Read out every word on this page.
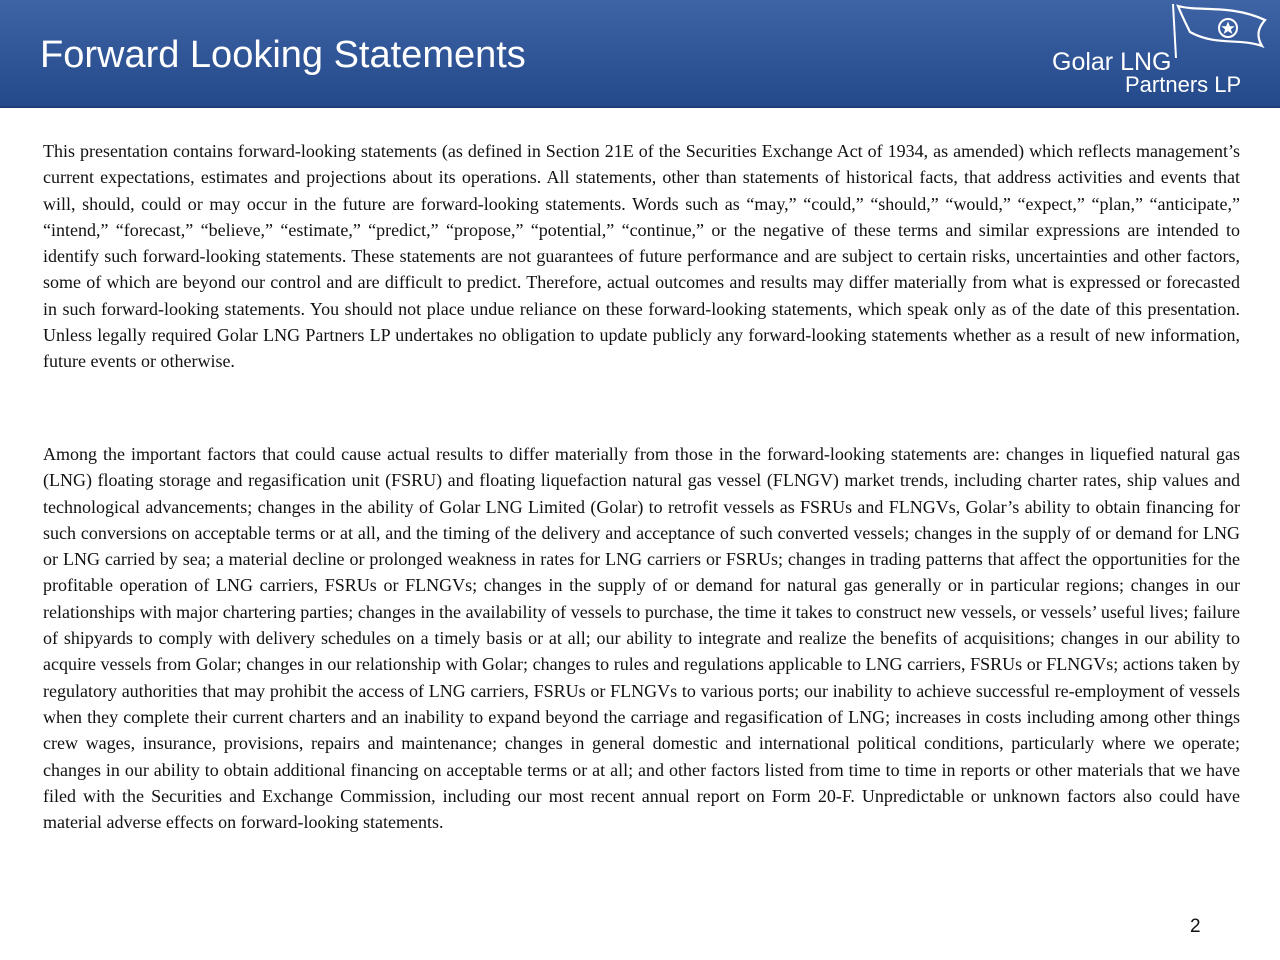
Forward Looking Statements	Golar LNG
Partners LP

This presentation contains forward-looking statements (as defined in Section 21E of the Securities Exchange Act of 1934, as amended) which reflects management’s current expectations, estimates and projections about its operations. All statements, other than statements of historical facts, that address activities and events that will, should, could or may occur in the future are forward-looking statements. Words such as “may,” “could,” “should,” “would,” “expect,” “plan,” “anticipate,” “intend,” “forecast,” “believe,” “estimate,” “predict,” “propose,” “potential,” “continue,” or the negative of these terms and similar expressions are intended to identify such forward-looking statements. These statements are not guarantees of future performance and are subject to certain risks, uncertainties and other factors, some of which are beyond our control and are difficult to predict. Therefore, actual outcomes and results may differ materially from what is expressed or forecasted in such forward-looking statements. You should not place undue reliance on these forward-looking statements, which speak only as of the date of this presentation. Unless legally required Golar LNG Partners LP undertakes no obligation to update publicly any forward-looking statements whether as a result of new information, future events or otherwise.

Among the important factors that could cause actual results to differ materially from those in the forward-looking statements are: changes in liquefied natural gas (LNG) floating storage and regasification unit (FSRU) and floating liquefaction natural gas vessel (FLNGV) market trends, including charter rates, ship values and technological advancements; changes in the ability of Golar LNG Limited (Golar) to retrofit vessels as FSRUs and FLNGVs, Golar’s ability to obtain financing for such conversions on acceptable terms or at all, and the timing of the delivery and acceptance of such converted vessels; changes in the supply of or demand for LNG or LNG carried by sea; a material decline or prolonged weakness in rates for LNG carriers or FSRUs; changes in trading patterns that affect the opportunities for the profitable operation of LNG carriers, FSRUs or FLNGVs; changes in the supply of or demand for natural gas generally or in particular regions; changes in our relationships with major chartering parties; changes in the availability of vessels to purchase, the time it takes to construct new vessels, or vessels’ useful lives; failure of shipyards to comply with delivery schedules on a timely basis or at all; our ability to integrate and realize the benefits of acquisitions; changes in our ability to acquire vessels from Golar; changes in our relationship with Golar; changes to rules and regulations applicable to LNG carriers, FSRUs or FLNGVs; actions taken by regulatory authorities that may prohibit the access of LNG carriers, FSRUs or FLNGVs to various ports; our inability to achieve successful re-employment of vessels when they complete their current charters and an inability to expand beyond the carriage and regasification of LNG; increases in costs including among other things crew wages, insurance, provisions, repairs and maintenance; changes in general domestic and international political conditions, particularly where we operate; changes in our ability to obtain additional financing on acceptable terms or at all; and other factors listed from time to time in reports or other materials that we have filed with the Securities and Exchange Commission, including our most recent annual report on Form 20-F. Unpredictable or unknown factors also could have material adverse effects on forward-looking statements.

2
